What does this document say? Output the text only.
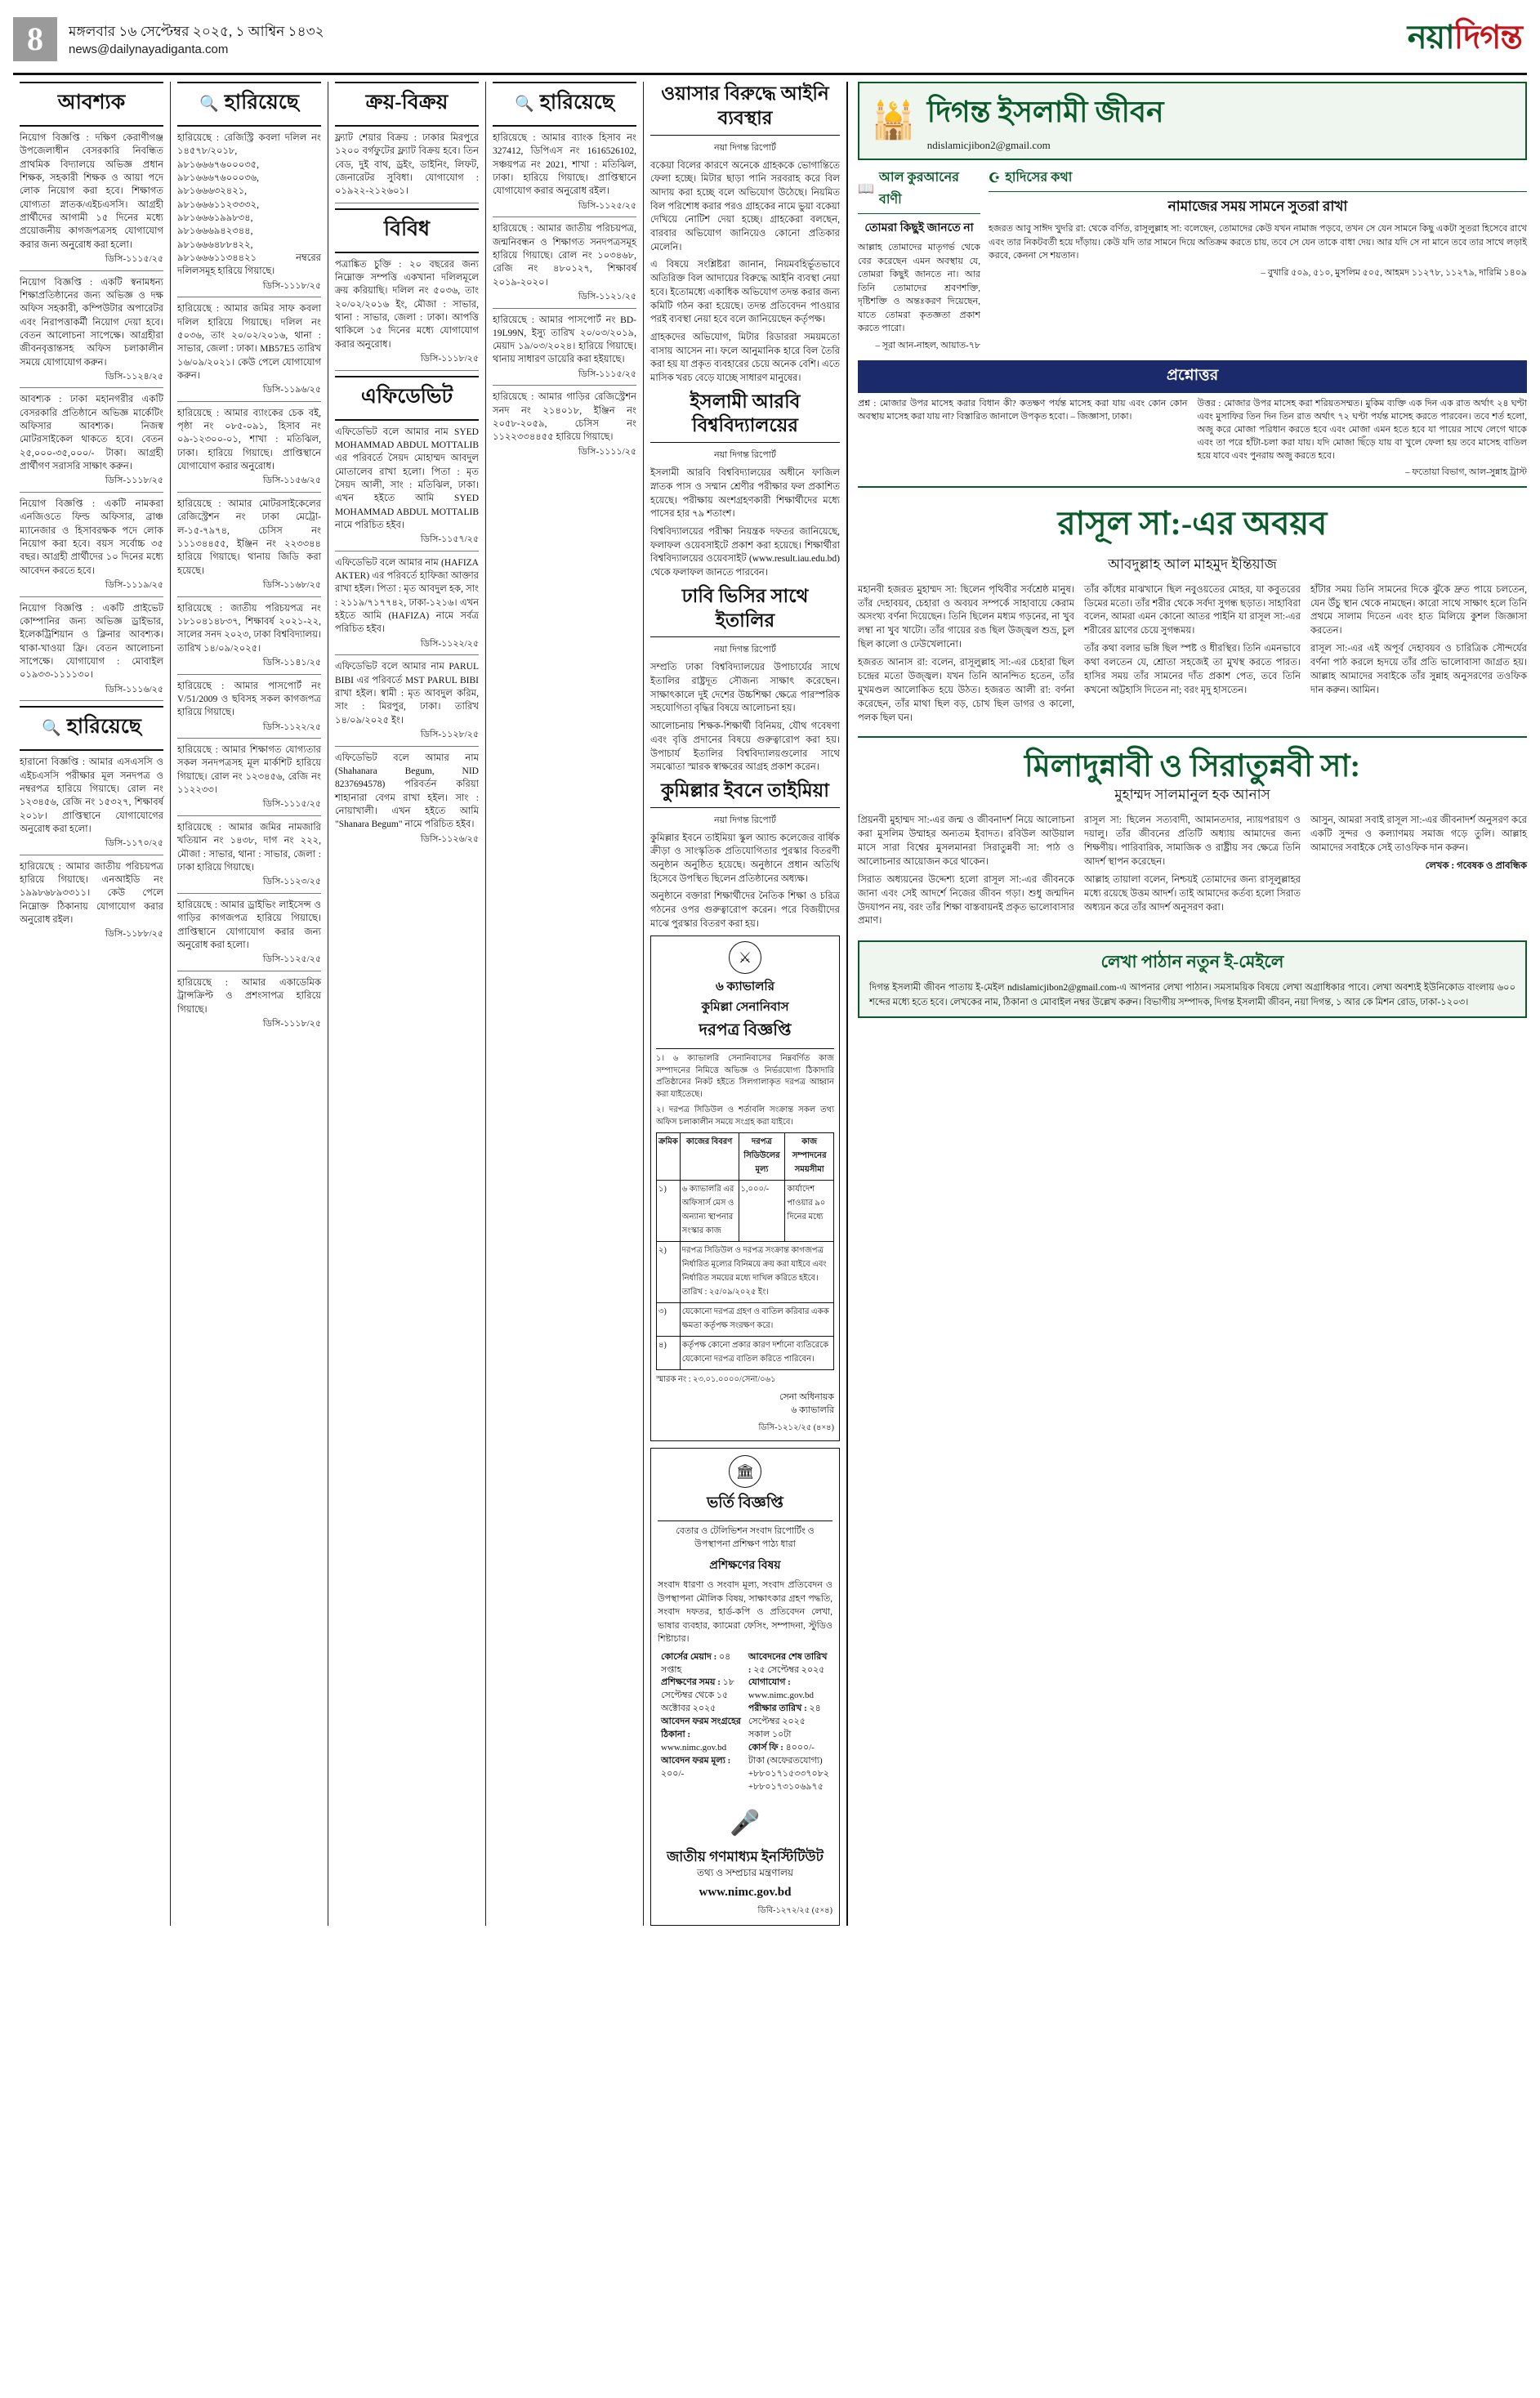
8	মঙ্গলবার ১৬ সেপ্টেম্বর ২০২৫, ১ আশ্বিন ১৪৩২
news@dailynayadiganta.com	নয়াদিগন্ত
আবশ্যক
নিয়োগ বিজ্ঞপ্তি : দক্ষিণ কেরাণীগঞ্জ উপজেলাধীন বেসরকারি নিবন্ধিত প্রাথমিক বিদ্যালয়ে অভিজ্ঞ প্রধান শিক্ষক, সহকারী শিক্ষক ও আয়া পদে লোক নিয়োগ করা হবে। শিক্ষাগত যোগ্যতা স্নাতক/এইচএসসি। আগ্রহী প্রার্থীদের আগামী ১৫ দিনের মধ্যে প্রয়োজনীয় কাগজপত্রসহ যোগাযোগ করার জন্য অনুরোধ করা হলো।
ডিসি-১১১৫/২৫
নিয়োগ বিজ্ঞপ্তি : একটি স্বনামধন্য শিক্ষাপ্রতিষ্ঠানের জন্য অভিজ্ঞ ও দক্ষ অফিস সহকারী, কম্পিউটার অপারেটর এবং নিরাপত্তাকর্মী নিয়োগ দেয়া হবে। বেতন আলোচনা সাপেক্ষে। আগ্রহীরা জীবনবৃত্তান্তসহ অফিস চলাকালীন সময়ে যোগাযোগ করুন।
ডিসি-১১২৪/২৫
আবশ্যক : ঢাকা মহানগরীর একটি বেসরকারি প্রতিষ্ঠানে অভিজ্ঞ মার্কেটিং অফিসার আবশ্যক। নিজস্ব মোটরসাইকেল থাকতে হবে। বেতন ২৫,০০০-৩৫,০০০/- টাকা। আগ্রহী প্রার্থীগণ সরাসরি সাক্ষাৎ করুন।
ডিসি-১১১৮/২৫
নিয়োগ বিজ্ঞপ্তি : একটি নামকরা এনজিওতে ফিল্ড অফিসার, ব্রাঞ্চ ম্যানেজার ও হিসাবরক্ষক পদে লোক নিয়োগ করা হবে। বয়স সর্বোচ্চ ৩৫ বছর। আগ্রহী প্রার্থীদের ১০ দিনের মধ্যে আবেদন করতে হবে।
ডিসি-১১১৯/২৫
নিয়োগ বিজ্ঞপ্তি : একটি প্রাইভেট কোম্পানির জন্য অভিজ্ঞ ড্রাইভার, ইলেকট্রিশিয়ান ও ক্লিনার আবশ্যক। থাকা-খাওয়া ফ্রি। বেতন আলোচনা সাপেক্ষে। যোগাযোগ : মোবাইল ০১৯৩৩-১১১১৩০।
ডিসি-১১১৬/২৫
🔍 হারিয়েছে
হারানো বিজ্ঞপ্তি : আমার এসএসসি ও এইচএসসি পরীক্ষার মূল সনদপত্র ও নম্বরপত্র হারিয়ে গিয়াছে। রোল নং ১২৩৪৫৬, রেজি নং ১৫৩২৭, শিক্ষাবর্ষ ২০১৮। প্রাপ্তিস্থানে যোগাযোগের অনুরোধ করা হলো।
ডিসি-১১৭০/২৫
হারিয়েছে : আমার জাতীয় পরিচয়পত্র হারিয়ে গিয়াছে। এনআইডি নং ১৯৯৮৬৮৯৩৩১১। কেউ পেলে নিম্নোক্ত ঠিকানায় যোগাযোগ করার অনুরোধ রইল।
ডিসি-১১৮৮/২৫
🔍 হারিয়েছে
হারিয়েছে : রেজিস্ট্রি কবলা দলিল নং ১৪৫৭৮/২০১৮, ৯৮১৬৬৬৭৬০০০৩৫, ৯৮১৬৬৬৭৬০০০৩৬, ৯৮১৬৬৬৩২৪২১, ৯৮১৬৬৬১১২৩৩৩২, ৯৮১৬৬৬১৯৯৮৩৪, ৯৮১৬৬৬৯৪২৩৪৪, ৯৮১৬৬৬৪৮৮৪২২, ৯৮১৬৬৬১১৩৪৪২১ নম্বরের দলিলসমূহ হারিয়ে গিয়াছে।
ডিসি-১১১৮/২৫
হারিয়েছে : আমার জমির সাফ কবলা দলিল হারিয়ে গিয়াছে। দলিল নং ৫০৩৬, তাং ২০/০২/২০১৬, থানা : সাভার, জেলা : ঢাকা। MB57E5 তারিখ ১৬/০৯/২০২১। কেউ পেলে যোগাযোগ করুন।
ডিসি-১১৯৬/২৫
হারিয়েছে : আমার ব্যাংকের চেক বই, পৃষ্ঠা নং ০৮৫-০৯১, হিসাব নং ০৯-১২৩০০-০১, শাখা : মতিঝিল, ঢাকা। হারিয়ে গিয়াছে। প্রাপ্তিস্থানে যোগাযোগ করার অনুরোধ।
ডিসি-১১৫৬/২৫
হারিয়েছে : আমার মোটরসাইকেলের রেজিস্ট্রেশন নং ঢাকা মেট্রো-ল-১৫-৭৯৭৪, চেসিস নং ১১১৩৪৪৫৫, ইঞ্জিন নং ২২৩৩৪৪ হারিয়ে গিয়াছে। থানায় জিডি করা হয়েছে।
ডিসি-১১৬৮/২৫
হারিয়েছে : জাতীয় পরিচয়পত্র নং ১৮১০৪১৪৮৩৭, শিক্ষাবর্ষ ২০২১-২২, সালের সনদ ২০২৩, ঢাকা বিশ্ববিদ্যালয়। তারিখ ১৪/০৯/২০২৫।
ডিসি-১১৪১/২৫
হারিয়েছে : আমার পাসপোর্ট নং V/51/2009 ও ছবিসহ সকল কাগজপত্র হারিয়ে গিয়াছে।
ডিসি-১১২২/২৫
হারিয়েছে : আমার শিক্ষাগত যোগ্যতার সকল সনদপত্রসহ মূল মার্কশিট হারিয়ে গিয়াছে। রোল নং ১২৩৪৫৬, রেজি নং ১১২২৩৩।
ডিসি-১১১৫/২৫
হারিয়েছে : আমার জমির নামজারি খতিয়ান নং ১৪৩৮, দাগ নং ২২২, মৌজা : সাভার, থানা : সাভার, জেলা : ঢাকা হারিয়ে গিয়াছে।
ডিসি-১১২৩/২৫
হারিয়েছে : আমার ড্রাইভিং লাইসেন্স ও গাড়ির কাগজপত্র হারিয়ে গিয়াছে। প্রাপ্তিস্থানে যোগাযোগ করার জন্য অনুরোধ করা হলো।
ডিসি-১১২৫/২৫
হারিয়েছে : আমার একাডেমিক ট্রান্সক্রিপ্ট ও প্রশংসাপত্র হারিয়ে গিয়াছে।
ডিসি-১১১৮/২৫
ক্রয়-বিক্রয়
ফ্ল্যাট শেয়ার বিক্রয় : ঢাকার মিরপুরে ১২০০ বর্গফুটের ফ্ল্যাট বিক্রয় হবে। তিন বেড, দুই বাথ, ড্রইং, ডাইনিং, লিফট, জেনারেটর সুবিধা। যোগাযোগ : ০১৯২২-২১২৬০১।
বিবিধ
পত্রাঙ্কিত চুক্তি : ২০ বছরের জন্য নিম্নোক্ত সম্পত্তি একখানা দলিলমূলে ক্রয় করিয়াছি। দলিল নং ৫০৩৬, তাং ২০/০২/২০১৬ ইং, মৌজা : সাভার, থানা : সাভার, জেলা : ঢাকা। আপত্তি থাকিলে ১৫ দিনের মধ্যে যোগাযোগ করার অনুরোধ।
ডিসি-১১১৮/২৫
এফিডেভিট
এফিডেভিট বলে আমার নাম SYED MOHAMMAD ABDUL MOTTALIB এর পরিবর্তে সৈয়দ মোহাম্মদ আবদুল মোতালেব রাখা হলো। পিতা : মৃত সৈয়দ আলী, সাং : মতিঝিল, ঢাকা। এখন হইতে আমি SYED MOHAMMAD ABDUL MOTTALIB নামে পরিচিত হইব।
ডিসি-১১৫৭/২৫
এফিডেভিট বলে আমার নাম (HAFIZA AKTER) এর পরিবর্তে হাফিজা আক্তার রাখা হইল। পিতা : মৃত আবদুল হক, সাং : ২১১৯/৭১৭৭৪২, ঢাকা-১২১৬। এখন হইতে আমি (HAFIZA) নামে সর্বত্র পরিচিত হইব।
ডিসি-১১২২/২৫
এফিডেভিট বলে আমার নাম PARUL BIBI এর পরিবর্তে MST PARUL BIBI রাখা হইল। স্বামী : মৃত আবদুল করিম, সাং : মিরপুর, ঢাকা। তারিখ ১৪/০৯/২০২৫ ইং।
ডিসি-১১২৮/২৫
এফিডেভিট বলে আমার নাম (Shahanara Begum, NID 8237694578) পরিবর্তন করিয়া শাহানারা বেগম রাখা হইল। সাং : নোয়াখালী। এখন হইতে আমি "Shanara Begum" নামে পরিচিত হইব।
ডিসি-১১২৬/২৫
🔍 হারিয়েছে
হারিয়েছে : আমার ব্যাংক হিসাব নং 327412, ডিপিএস নং 1616526102, সঞ্চয়পত্র নং 2021, শাখা : মতিঝিল, ঢাকা। হারিয়ে গিয়াছে। প্রাপ্তিস্থানে যোগাযোগ করার অনুরোধ রইল।
ডিসি-১১২৫/২৫
হারিয়েছে : আমার জাতীয় পরিচয়পত্র, জন্মনিবন্ধন ও শিক্ষাগত সনদপত্রসমূহ হারিয়ে গিয়াছে। রোল নং ১০৩৪৬৮, রেজি নং ৪৮০১২৭, শিক্ষাবর্ষ ২০১৯-২০২০।
ডিসি-১১২১/২৫
হারিয়েছে : আমার পাসপোর্ট নং BD-19L99N, ইস্যু তারিখ ২০/০৩/২০১৯, মেয়াদ ১৯/০৩/২০২৪। হারিয়ে গিয়াছে। থানায় সাধারণ ডায়েরি করা হইয়াছে।
ডিসি-১১১৫/২৫
হারিয়েছে : আমার গাড়ির রেজিস্ট্রেশন সনদ নং ২১৪০১৮, ইঞ্জিন নং ২০৫৮-২০৫৯, চেসিস নং ১১২২৩৩৪৪৫৫ হারিয়ে গিয়াছে।
ডিসি-১১১১/২৫
ওয়াসার বিরুদ্ধে আইনি ব্যবস্থার
নয়া দিগন্ত রিপোর্ট

বকেয়া বিলের কারণে অনেকে গ্রাহককে ভোগান্তিতে ফেলা হচ্ছে। মিটার ছাড়া পানি সরবরাহ করে বিল আদায় করা হচ্ছে বলে অভিযোগ উঠেছে। নিয়মিত বিল পরিশোধ করার পরও গ্রাহকের নামে ভুয়া বকেয়া দেখিয়ে নোটিশ দেয়া হচ্ছে। গ্রাহকেরা বলছেন, বারবার অভিযোগ জানিয়েও কোনো প্রতিকার মেলেনি।

এ বিষয়ে সংশ্লিষ্টরা জানান, নিয়মবহির্ভূতভাবে অতিরিক্ত বিল আদায়ের বিরুদ্ধে আইনি ব্যবস্থা নেয়া হবে। ইতোমধ্যে একাধিক অভিযোগ তদন্ত করার জন্য কমিটি গঠন করা হয়েছে। তদন্ত প্রতিবেদন পাওয়ার পরই ব্যবস্থা নেয়া হবে বলে জানিয়েছেন কর্তৃপক্ষ।

গ্রাহকদের অভিযোগ, মিটার রিডাররা সময়মতো বাসায় আসেন না। ফলে আনুমানিক হারে বিল তৈরি করা হয় যা প্রকৃত ব্যবহারের চেয়ে অনেক বেশি। এতে মাসিক খরচ বেড়ে যাচ্ছে সাধারণ মানুষের।

ইসলামী আরবি বিশ্ববিদ্যালয়ের
নয়া দিগন্ত রিপোর্ট

ইসলামী আরবি বিশ্ববিদ্যালয়ের অধীনে ফাজিল স্নাতক পাস ও সম্মান শ্রেণীর পরীক্ষার ফল প্রকাশিত হয়েছে। পরীক্ষায় অংশগ্রহণকারী শিক্ষার্থীদের মধ্যে পাসের হার ৭৯ শতাংশ।

বিশ্ববিদ্যালয়ের পরীক্ষা নিয়ন্ত্রক দফতর জানিয়েছে, ফলাফল ওয়েবসাইটে প্রকাশ করা হয়েছে। শিক্ষার্থীরা বিশ্ববিদ্যালয়ের ওয়েবসাইট (www.result.iau.edu.bd) থেকে ফলাফল জানতে পারবেন।

ঢাবি ভিসির সাথে ইতালির
নয়া দিগন্ত রিপোর্ট

সম্প্রতি ঢাকা বিশ্ববিদ্যালয়ের উপাচার্যের সাথে ইতালির রাষ্ট্রদূত সৌজন্য সাক্ষাৎ করেছেন। সাক্ষাৎকালে দুই দেশের উচ্চশিক্ষা ক্ষেত্রে পারস্পরিক সহযোগিতা বৃদ্ধির বিষয়ে আলোচনা হয়।

আলোচনায় শিক্ষক-শিক্ষার্থী বিনিময়, যৌথ গবেষণা এবং বৃত্তি প্রদানের বিষয়ে গুরুত্বারোপ করা হয়। উপাচার্য ইতালির বিশ্ববিদ্যালয়গুলোর সাথে সমঝোতা স্মারক স্বাক্ষরের আগ্রহ প্রকাশ করেন।

কুমিল্লার ইবনে তাইমিয়া
নয়া দিগন্ত রিপোর্ট

কুমিল্লার ইবনে তাইমিয়া স্কুল অ্যান্ড কলেজের বার্ষিক ক্রীড়া ও সাংস্কৃতিক প্রতিযোগিতার পুরস্কার বিতরণী অনুষ্ঠান অনুষ্ঠিত হয়েছে। অনুষ্ঠানে প্রধান অতিথি হিসেবে উপস্থিত ছিলেন প্রতিষ্ঠানের অধ্যক্ষ।

অনুষ্ঠানে বক্তারা শিক্ষার্থীদের নৈতিক শিক্ষা ও চরিত্র গঠনের ওপর গুরুত্বারোপ করেন। পরে বিজয়ীদের মাঝে পুরস্কার বিতরণ করা হয়।

⚔
৬ ক্যাভালরি
কুমিল্লা সেনানিবাস
দরপত্র বিজ্ঞপ্তি

১। ৬ ক্যাভালরি সেনানিবাসের নিম্নবর্ণিত কাজ সম্পাদনের নিমিত্তে অভিজ্ঞ ও নির্ভরযোগ্য ঠিকাদারি প্রতিষ্ঠানের নিকট হইতে সিলগালাকৃত দরপত্র আহ্বান করা যাইতেছে।

২। দরপত্র সিডিউল ও শর্তাবলি সংক্রান্ত সকল তথ্য অফিস চলাকালীন সময়ে সংগ্রহ করা যাইবে।

ক্রমিক	কাজের বিবরণ	দরপত্র সিডিউলের মূল্য	কাজ সম্পাদনের সময়সীমা
১)	৬ ক্যাভালরি এর অফিসার্স মেস ও অন্যান্য স্থাপনার সংস্কার কাজ	১,০০০/-	কার্যাদেশ পাওয়ার ৯০ দিনের মধ্যে
২)	দরপত্র সিডিউল ও দরপত্র সংক্রান্ত কাগজপত্র নির্ধারিত মূল্যের বিনিময়ে ক্রয় করা যাইবে এবং নির্ধারিত সময়ের মধ্যে দাখিল করিতে হইবে। তারিখ : ২৫/০৯/২০২৫ ইং।		
৩)	যেকোনো দরপত্র গ্রহণ ও বাতিল করিবার একক ক্ষমতা কর্তৃপক্ষ সংরক্ষণ করে।		
৪)	কর্তৃপক্ষ কোনো প্রকার কারণ দর্শানো ব্যতিরেকে যেকোনো দরপত্র বাতিল করিতে পারিবেন।		
স্মারক নং : ২৩.০১.০০০০/সেনা/০৬১
সেনা অধিনায়ক
৬ ক্যাভালরি
ডিসি-১২১২/২৫ (৪×৪)
🏛
ভর্তি বিজ্ঞপ্তি
বেতার ও টেলিভিশন সংবাদ রিপোর্টিং ও উপস্থাপনা প্রশিক্ষণ পাঠ্য ধারা
প্রশিক্ষণের বিষয়
সংবাদ ধারণা ও সংবাদ মূল্য, সংবাদ প্রতিবেদন ও উপস্থাপনা মৌলিক বিষয়, সাক্ষাৎকার গ্রহণ পদ্ধতি, সংবাদ দফতর, হার্ড-কপি ও প্রতিবেদন লেখা, ভাষার ব্যবহার, ক্যামেরা ফেসিং, সম্পাদনা, স্টুডিও শিষ্টাচার।
কোর্সের মেয়াদ : ০৪ সপ্তাহ
প্রশিক্ষণের সময় : ১৮ সেপ্টেম্বর থেকে ১৫ অক্টোবর ২০২৫
আবেদন ফরম সংগ্রহের ঠিকানা : www.nimc.gov.bd
আবেদন ফরম মূল্য : ২০০/-
আবেদনের শেষ তারিখ : ২৫ সেপ্টেম্বর ২০২৫
যোগাযোগ : www.nimc.gov.bd
পরীক্ষার তারিখ : ২৪ সেপ্টেম্বর ২০২৫ সকাল ১০টা
কোর্স ফি : ৪০০০/- টাকা (অফেরতযোগ্য)
+৮৮০১৭১৫৩৩৭০৮২
+৮৮০১৭৩১০৬৯৭৫
🎤
জাতীয় গণমাধ্যম ইনস্টিটিউট
তথ্য ও সম্প্রচার মন্ত্রণালয়
www.nimc.gov.bd
ডিবি-১২৭২/২৫ (৫×৪)
🕌 দিগন্ত ইসলামী জীবন
ndislamicjibon2@gmail.com
📖
আল কুরআনের বাণী
তোমরা কিছুই জানতে না
আল্লাহ তোমাদের মাতৃগর্ভ থেকে বের করেছেন এমন অবস্থায় যে, তোমরা কিছুই জানতে না। আর তিনি তোমাদের শ্রবণশক্তি, দৃষ্টিশক্তি ও অন্তঃকরণ দিয়েছেন, যাতে তোমরা কৃতজ্ঞতা প্রকাশ করতে পারো।
– সূরা আন-নাহল, আয়াত-৭৮
☪ হাদিসের কথা
নামাজের সময় সামনে সুতরা রাখা
হজরত আবু সাঈদ খুদরি রা: থেকে বর্ণিত, রাসূলুল্লাহ সা: বলেছেন, তোমাদের কেউ যখন নামাজ পড়বে, তখন সে যেন সামনে কিছু একটা সুতরা হিসেবে রাখে এবং তার নিকটবর্তী হয়ে দাঁড়ায়। কেউ যদি তার সামনে দিয়ে অতিক্রম করতে চায়, তবে সে যেন তাকে বাধা দেয়। আর যদি সে না মানে তবে তার সাথে লড়াই করবে, কেননা সে শয়তান।
– বুখারি ৫০৯, ৫১০, মুসলিম ৫০৫, আহমদ ১১২৭৮, ১১২৭৯, দারিমি ১৪০৯
প্রশ্নোত্তর
প্রশ্ন : মোজার উপর মাসেহ করার বিধান কী? কতক্ষণ পর্যন্ত মাসেহ করা যায় এবং কোন কোন অবস্থায় মাসেহ করা যায় না? বিস্তারিত জানালে উপকৃত হবো। – জিজ্ঞাসা, ঢাকা।
উত্তর : মোজার উপর মাসেহ করা শরিয়তসম্মত। মুকিম ব্যক্তি এক দিন এক রাত অর্থাৎ ২৪ ঘণ্টা এবং মুসাফির তিন দিন তিন রাত অর্থাৎ ৭২ ঘণ্টা পর্যন্ত মাসেহ করতে পারবেন। তবে শর্ত হলো, অজু করে মোজা পরিধান করতে হবে এবং মোজা এমন হতে হবে যা পায়ের সাথে লেগে থাকে এবং তা পরে হাঁটা-চলা করা যায়। যদি মোজা ছিঁড়ে যায় বা খুলে ফেলা হয় তবে মাসেহ বাতিল হয়ে যাবে এবং পুনরায় অজু করতে হবে।
– ফতোয়া বিভাগ, আল-সুন্নাহ ট্রাস্ট
রাসূল সা:-এর অবয়ব
আবদুল্লাহ আল মাহমুদ ইন্তিয়াজ

মহানবী হজরত মুহাম্মদ সা: ছিলেন পৃথিবীর সর্বশ্রেষ্ঠ মানুষ। তাঁর দেহাবয়ব, চেহারা ও অবয়ব সম্পর্কে সাহাবায়ে কেরাম অসংখ্য বর্ণনা দিয়েছেন। তিনি ছিলেন মধ্যম গড়নের, না খুব লম্বা না খুব খাটো। তাঁর গায়ের রঙ ছিল উজ্জ্বল শুভ্র, চুল ছিল কালো ও ঢেউখেলানো।

হজরত আনাস রা: বলেন, রাসূলুল্লাহ সা:-এর চেহারা ছিল চন্দ্রের মতো উজ্জ্বল। যখন তিনি আনন্দিত হতেন, তাঁর মুখমণ্ডল আলোকিত হয়ে উঠত। হজরত আলী রা: বর্ণনা করেছেন, তাঁর মাথা ছিল বড়, চোখ ছিল ডাগর ও কালো, পলক ছিল ঘন।

তাঁর কাঁধের মাঝখানে ছিল নবুওয়তের মোহর, যা কবুতরের ডিমের মতো। তাঁর শরীর থেকে সর্বদা সুগন্ধ ছড়াত। সাহাবিরা বলেন, আমরা এমন কোনো আতর পাইনি যা রাসূল সা:-এর শরীরের ঘ্রাণের চেয়ে সুগন্ধময়।

তাঁর কথা বলার ভঙ্গি ছিল স্পষ্ট ও ধীরস্থির। তিনি এমনভাবে কথা বলতেন যে, শ্রোতা সহজেই তা মুখস্থ করতে পারত। হাসির সময় তাঁর সামনের দাঁত প্রকাশ পেত, তবে তিনি কখনো অট্টহাসি দিতেন না; বরং মৃদু হাসতেন।

হাঁটার সময় তিনি সামনের দিকে ঝুঁকে দ্রুত পায়ে চলতেন, যেন উঁচু স্থান থেকে নামছেন। কারো সাথে সাক্ষাৎ হলে তিনি প্রথমে সালাম দিতেন এবং হাত মিলিয়ে কুশল জিজ্ঞাসা করতেন।

রাসূল সা:-এর এই অপূর্ব দেহাবয়ব ও চারিত্রিক সৌন্দর্যের বর্ণনা পাঠ করলে হৃদয়ে তাঁর প্রতি ভালোবাসা জাগ্রত হয়। আল্লাহ আমাদের সবাইকে তাঁর সুন্নাহ অনুসরণের তওফিক দান করুন। আমিন।

মিলাদুন্নাবী ও সিরাতুন্নবী সা:
মুহাম্মদ সালমানুল হক আনাস

প্রিয়নবী মুহাম্মদ সা:-এর জন্ম ও জীবনাদর্শ নিয়ে আলোচনা করা মুসলিম উম্মাহর অন্যতম ইবাদত। রবিউল আউয়াল মাসে সারা বিশ্বের মুসলমানরা সিরাতুন্নবী সা: পাঠ ও আলোচনার আয়োজন করে থাকেন।

সিরাত অধ্যয়নের উদ্দেশ্য হলো রাসূল সা:-এর জীবনকে জানা এবং সেই আদর্শে নিজের জীবন গড়া। শুধু জন্মদিন উদযাপন নয়, বরং তাঁর শিক্ষা বাস্তবায়নই প্রকৃত ভালোবাসার প্রমাণ।

রাসূল সা: ছিলেন সত্যবাদী, আমানতদার, ন্যায়পরায়ণ ও দয়ালু। তাঁর জীবনের প্রতিটি অধ্যায় আমাদের জন্য শিক্ষণীয়। পারিবারিক, সামাজিক ও রাষ্ট্রীয় সব ক্ষেত্রে তিনি আদর্শ স্থাপন করেছেন।

আল্লাহ তায়ালা বলেন, নিশ্চয়ই তোমাদের জন্য রাসূলুল্লাহর মধ্যে রয়েছে উত্তম আদর্শ। তাই আমাদের কর্তব্য হলো সিরাত অধ্যয়ন করে তাঁর আদর্শ অনুসরণ করা।

আসুন, আমরা সবাই রাসূল সা:-এর জীবনাদর্শ অনুসরণ করে একটি সুন্দর ও কল্যাণময় সমাজ গড়ে তুলি। আল্লাহ আমাদের সবাইকে সেই তাওফিক দান করুন।

লেখক : গবেষক ও প্রাবন্ধিক

লেখা পাঠান নতুন ই-মেইলে

দিগন্ত ইসলামী জীবন পাতায় ই-মেইল ndislamicjibon2@gmail.com-এ আপনার লেখা পাঠান। সমসাময়িক বিষয়ে লেখা অগ্রাধিকার পাবে। লেখা অবশ্যই ইউনিকোড বাংলায় ৬০০ শব্দের মধ্যে হতে হবে। লেখকের নাম, ঠিকানা ও মোবাইল নম্বর উল্লেখ করুন। বিভাগীয় সম্পাদক, দিগন্ত ইসলামী জীবন, নয়া দিগন্ত, ১ আর কে মিশন রোড, ঢাকা-১২০৩।
